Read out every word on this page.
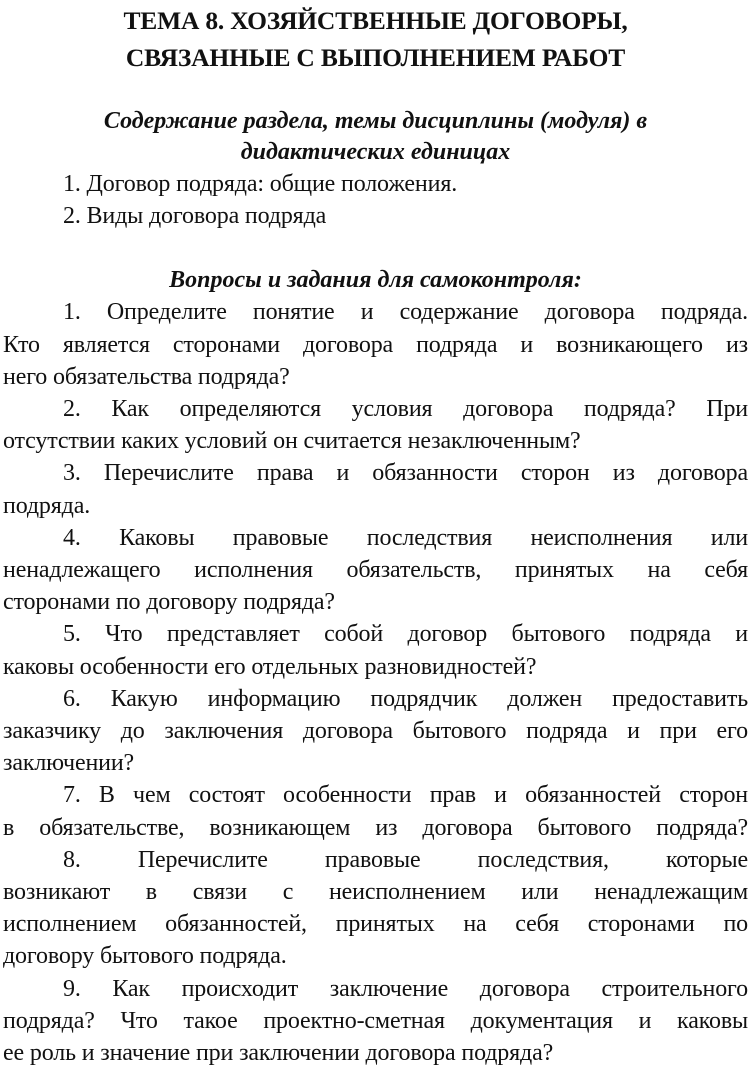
ТЕМА 8. ХОЗЯЙСТВЕННЫЕ ДОГОВОРЫ,

СВЯЗАННЫЕ С ВЫПОЛНЕНИЕМ РАБОТ

Содержание раздела, темы дисциплины (модуля) в

дидактических единицах

1. Договор подряда: общие положения.

2. Виды договора подряда

Вопросы и задания для самоконтроля:

1. Определите понятие и содержание договора подряда.

Кто является сторонами договора подряда и возникающего из

него обязательства подряда?

2. Как определяются условия договора подряда? При

отсутствии каких условий он считается незаключенным?

3. Перечислите права и обязанности сторон из договора

подряда.

4. Каковы правовые последствия неисполнения или

ненадлежащего исполнения обязательств, принятых на себя

сторонами по договору подряда?

5. Что представляет собой договор бытового подряда и

каковы особенности его отдельных разновидностей?

6. Какую информацию подрядчик должен предоставить

заказчику до заключения договора бытового подряда и при его

заключении?

7. В чем состоят особенности прав и обязанностей сторон

в обязательстве, возникающем из договора бытового подряда?

8. Перечислите правовые последствия, которые

возникают в связи с неисполнением или ненадлежащим

исполнением обязанностей, принятых на себя сторонами по

договору бытового подряда.

9. Как происходит заключение договора строительного

подряда? Что такое проектно-сметная документация и каковы

ее роль и значение при заключении договора подряда?
